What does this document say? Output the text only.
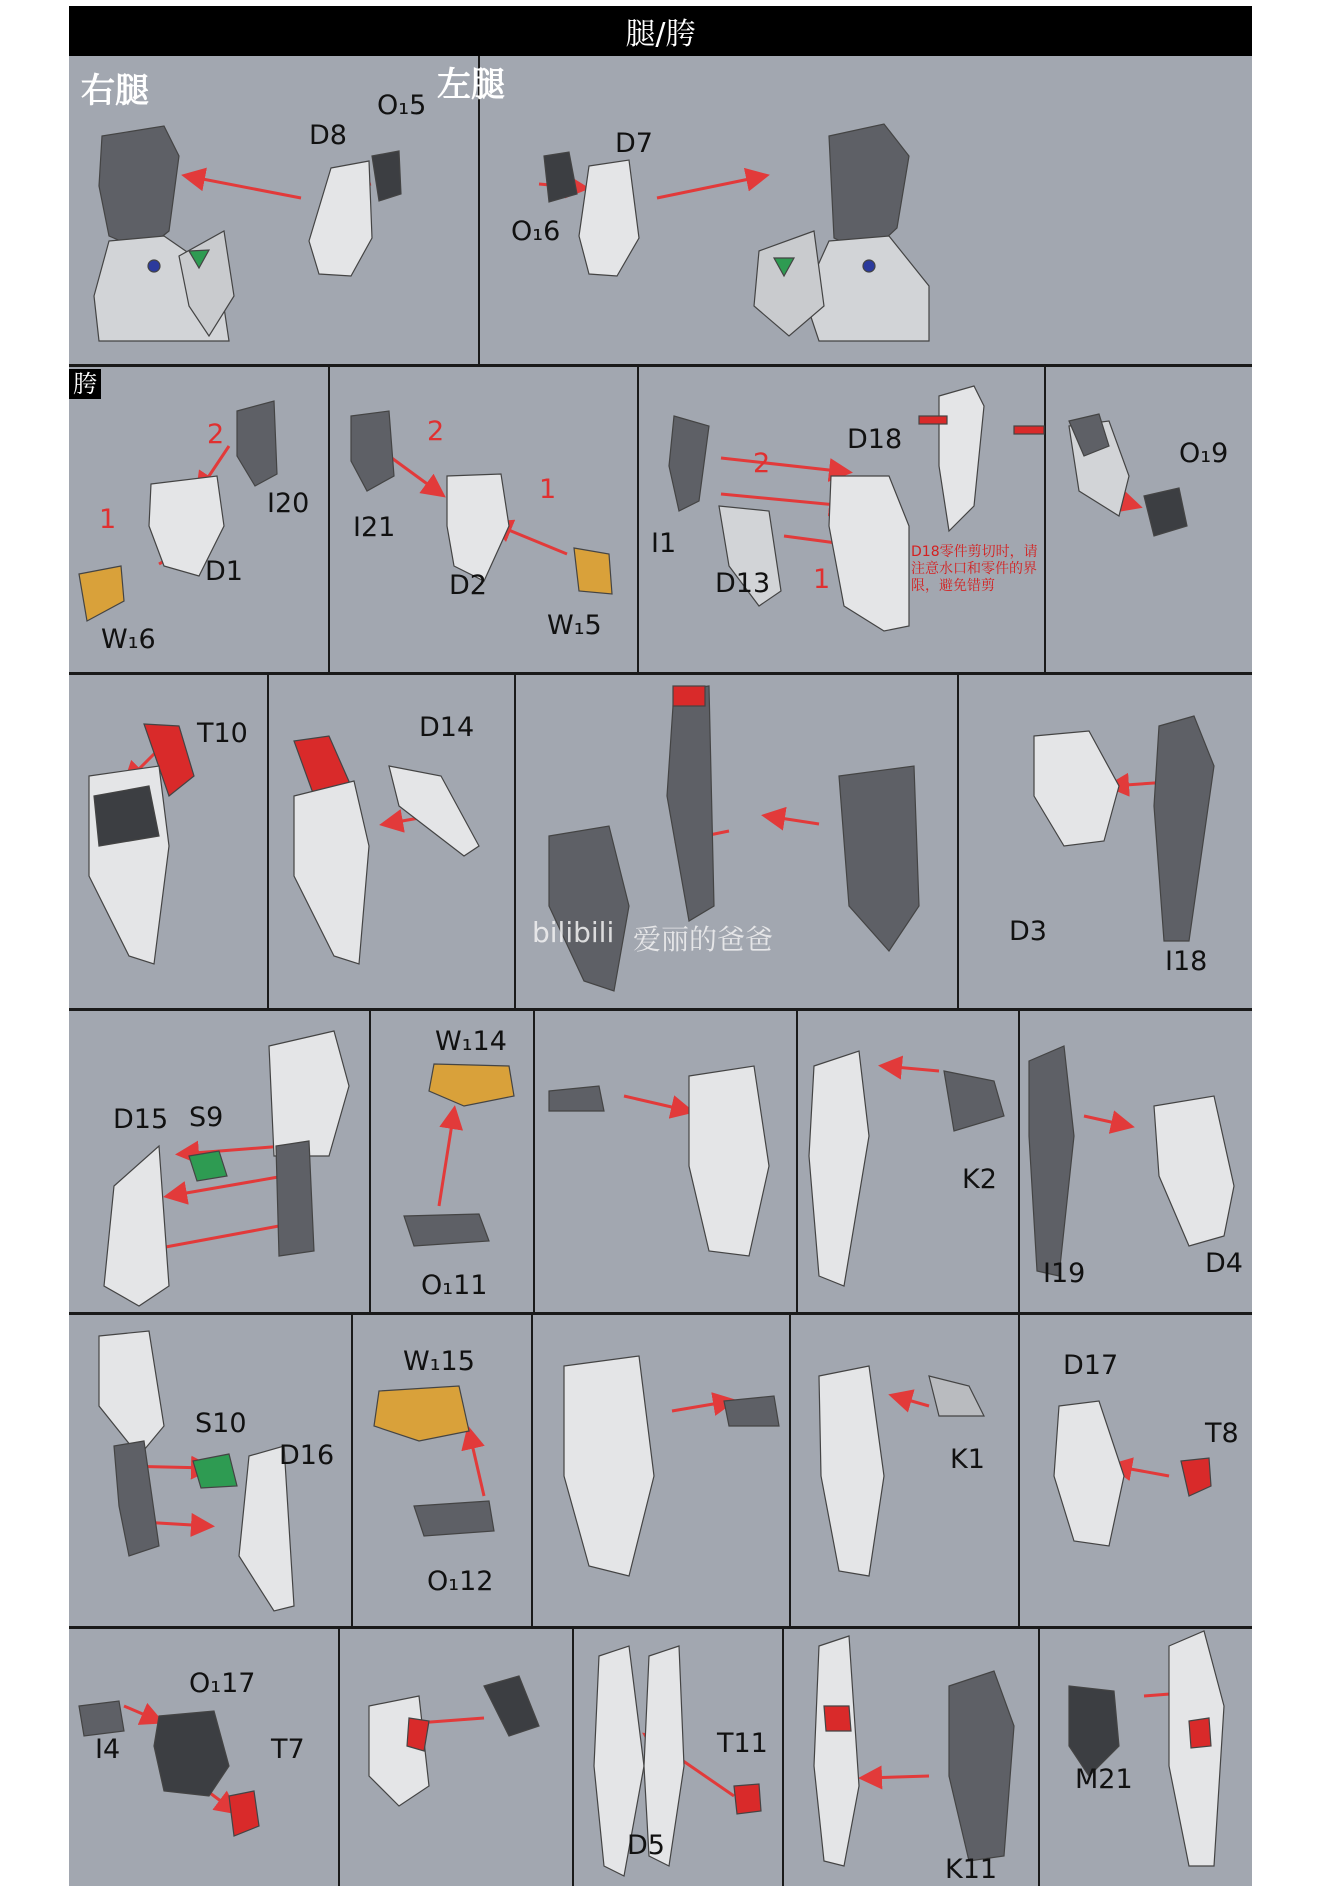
腿/胯
右腿	左腿
O₁5
D8	D7
O₁6
胯
2
1
I20
D1
W₁6
2
1
I21
D2
W₁5
D18
2
1
I1
D13
D18零件剪切时，请注意水口和零件的界限，避免错剪
O₁9
T10	D14
bilibili 爱丽的爸爸	D3
I18
D15 S9
W₁14
O₁11
K2
I19	D4
S10
D16
W₁15
O₁12
K1
D17
T8
O₁17
I4	T7	T11
D5
K11
M21
